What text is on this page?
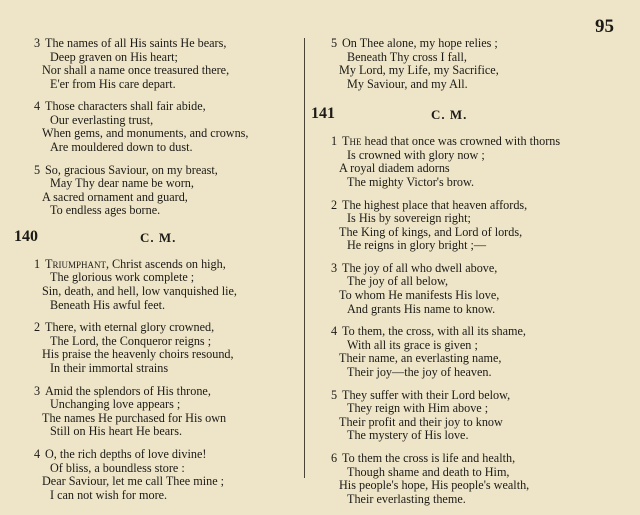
95
3 The names of all His saints He bears,
Deep graven on His heart;
Nor shall a name once treasured there,
E'er from His care depart.
4 Those characters shall fair abide,
Our everlasting trust,
When gems, and monuments, and crowns,
Are mouldered down to dust.
5 So, gracious Saviour, on my breast,
May Thy dear name be worn,
A sacred ornament and guard,
To endless ages borne.
140	C. M.
1 Triumphant, Christ ascends on high,
The glorious work complete ;
Sin, death, and hell, low vanquished lie,
Beneath His awful feet.
2 There, with eternal glory crowned,
The Lord, the Conqueror reigns ;
His praise the heavenly choirs resound,
In their immortal strains
3 Amid the splendors of His throne,
Unchanging love appears ;
The names He purchased for His own
Still on His heart He bears.
4 O, the rich depths of love divine!
Of bliss, a boundless store :
Dear Saviour, let me call Thee mine ;
I can not wish for more.
5 On Thee alone, my hope relies ;
Beneath Thy cross I fall,
My Lord, my Life, my Sacrifice,
My Saviour, and my All.
141	C. M.
1 The head that once was crowned with thorns
Is crowned with glory now ;
A royal diadem adorns
The mighty Victor's brow.
2 The highest place that heaven affords,
Is His by sovereign right;
The King of kings, and Lord of lords,
He reigns in glory bright ;—
3 The joy of all who dwell above,
The joy of all below,
To whom He manifests His love,
And grants His name to know.
4 To them, the cross, with all its shame,
With all its grace is given ;
Their name, an everlasting name,
Their joy—the joy of heaven.
5 They suffer with their Lord below,
They reign with Him above ;
Their profit and their joy to know
The mystery of His love.
6 To them the cross is life and health,
Though shame and death to Him,
His people's hope, His people's wealth,
Their everlasting theme.
